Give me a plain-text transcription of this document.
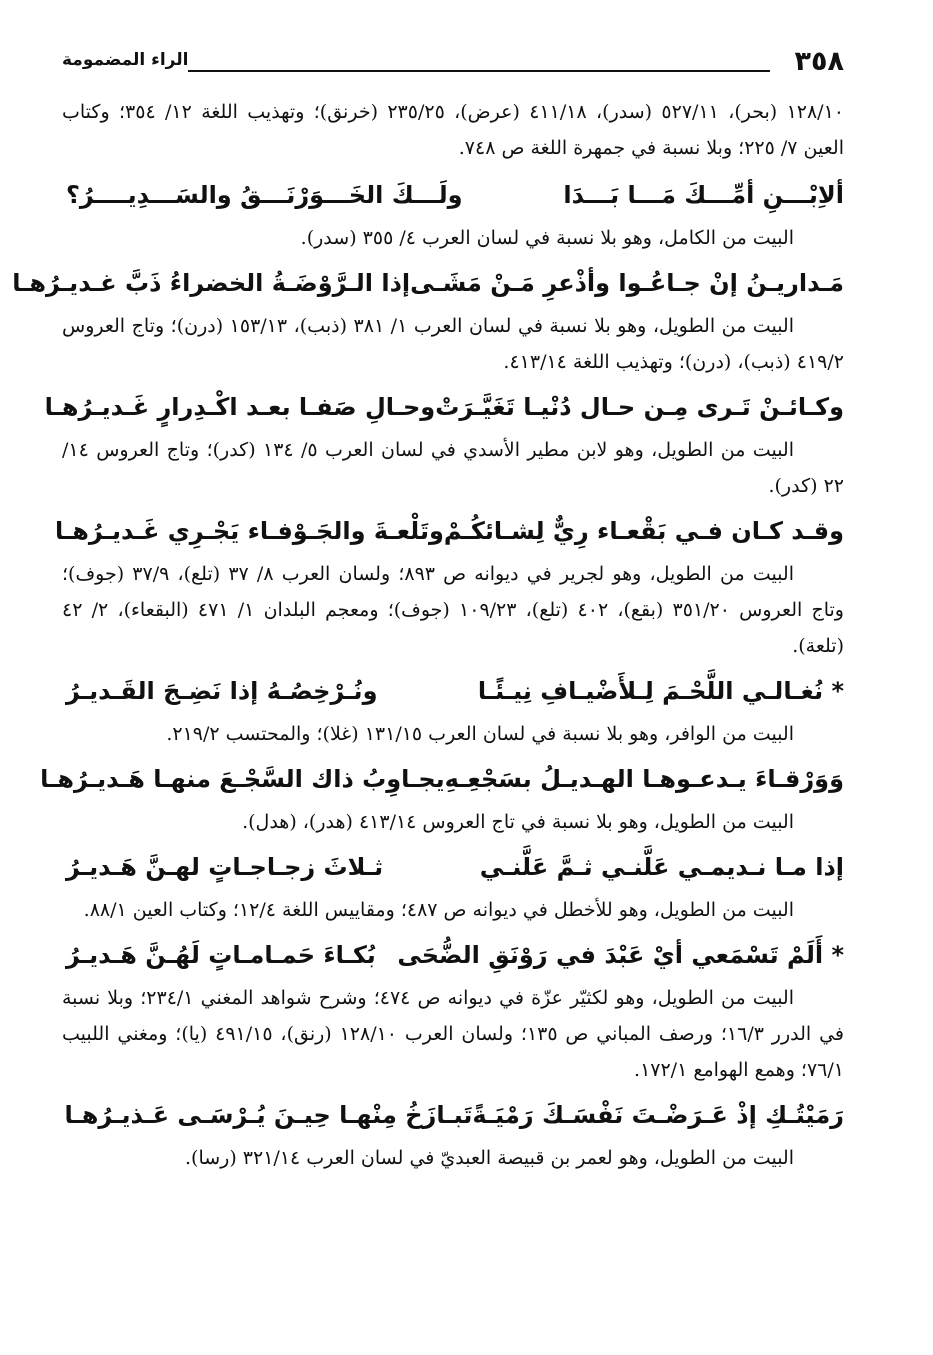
٣٥٨
الراء المضمومة
١٢٨/١٠ (بحر)، ٥٢٧/١١ (سدر)، ٤١١/١٨ (عرض)، ٢٣٥/٢٥ (خرنق)؛ وتهذيب اللغة ١٢/ ٣٥٤؛ وكتاب العين ٧/ ٢٢٥؛ وبلا نسبة في جمهرة اللغة ص ٧٤٨.
ألاِبْـــنِ أمِّـــكَ مَـــا بَـــدَا
ولَـــكَ الخَـــوَرْنَـــقُ والسَـــدِيــــرُ؟
البيت من الكامل، وهو بلا نسبة في لسان العرب ٤/ ٣٥٥ (سدر).
مَـداريـنُ إنْ جـاعُـوا وأذْعرِ مَـنْ مَشَـى
إذا الـرَّوْضَـةُ الخضراءُ ذَبَّ غـديـرُهـا
البيت من الطويل، وهو بلا نسبة في لسان العرب ١/ ٣٨١ (ذبب)، ١٥٣/١٣ (درن)؛ وتاج العروس ٤١٩/٢ (ذبب)، (درن)؛ وتهذيب اللغة ٤١٣/١٤.
وكـائـنْ تَـرى مِـن حـال دُنْيـا تَغَيَّـرَتْ
وحـالِ صَفـا بعـد اكْـدِرارٍ غَـديـرُهـا
البيت من الطويل، وهو لابن مطير الأسدي في لسان العرب ٥/ ١٣٤ (كدر)؛ وتاج العروس ١٤/ ٢٢ (كدر).
وقـد كـان فـي بَقْعـاء رِيٌّ لِشـائكُـمْ
وتَلْعـةَ والجَـوْفـاء يَجْـرِي غَـديـرُهـا
البيت من الطويل، وهو لجرير في ديوانه ص ٨٩٣؛ ولسان العرب ٨/ ٣٧ (تلع)، ٣٧/٩ (جوف)؛ وتاج العروس ٣٥١/٢٠ (بقع)، ٤٠٢ (تلع)، ١٠٩/٢٣ (جوف)؛ ومعجم البلدان ١/ ٤٧١ (البقعاء)، ٢/ ٤٢ (تلعة).
* نُغـالـي اللَّحْـمَ لِـلأَضْيـافِ نِيـئًـا
ونُـرْخِصُـهُ إذا نَضِـجَ القَـديـرُ
البيت من الوافر، وهو بلا نسبة في لسان العرب ١٣١/١٥ (غلا)؛ والمحتسب ٢١٩/٢.
وَوَرْقـاءَ يـدعـوهـا الهـديـلُ بسَجْعِـهِ
يجـاوِبُ ذاك السَّجْـعَ منهـا هَـديـرُهـا
البيت من الطويل، وهو بلا نسبة في تاج العروس ٤١٣/١٤ (هدر)، (هدل).
إذا مـا نـديمـي عَلَّنـي ثـمَّ عَلَّنـي
ثـلاثَ زجـاجـاتٍ لهـنَّ هَـديـرُ
البيت من الطويل، وهو للأخطل في ديوانه ص ٤٨٧؛ ومقاييس اللغة ١٢/٤؛ وكتاب العين ٨٨/١.
* أَلَمْ تَسْمَعي أيْ عَبْدَ في رَوْنَقِ الضُّحَى
بُكـاءَ حَمـامـاتٍ لَهُـنَّ هَـديـرُ
البيت من الطويل، وهو لكثيّر عزّة في ديوانه ص ٤٧٤؛ وشرح شواهد المغني ٢٣٤/١؛ وبلا نسبة في الدرر ١٦/٣؛ ورصف المباني ص ١٣٥؛ ولسان العرب ١٢٨/١٠ (رنق)، ٤٩١/١٥ (يا)؛ ومغني اللبيب ٧٦/١؛ وهمع الهوامع ١٧٢/١.
رَمَيْتُـكِ إذْ عَـرَضْـتَ نَفْسَـكَ رَمْيَـةً
تَبـازَخُ مِنْهـا حِيـنَ يُـرْسَـى عَـذيـرُهـا
البيت من الطويل، وهو لعمر بن قبيصة العبديّ في لسان العرب ٣٢١/١٤ (رسا).
